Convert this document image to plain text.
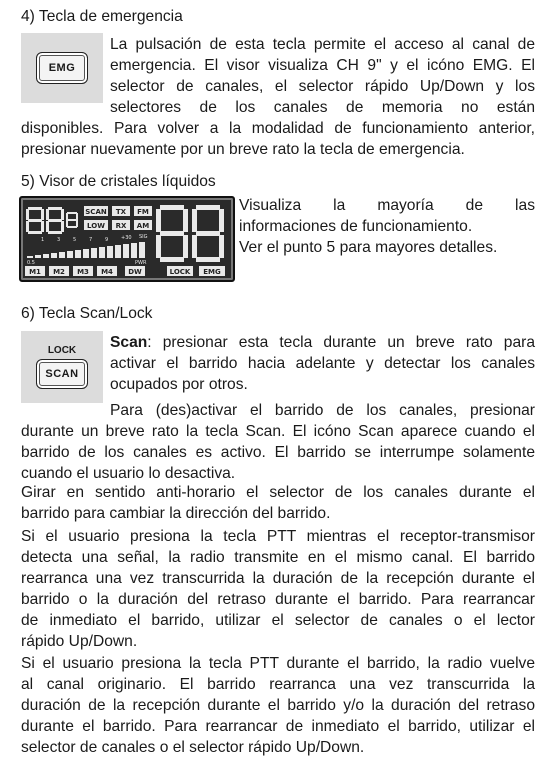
4) Tecla de emergencia
EMG
La pulsación de esta tecla permite el acceso al canal de
emergencia. El visor visualiza CH 9" y el icóno EMG. El
selector de canales, el selector rápido Up/Down y los
selectores de los canales de memoria no están
disponibles. Para volver a la modalidad de funcionamiento anterior,
presionar nuevamente por un breve rato la tecla de emergencia.
5) Visor de cristales líquidos
SCAN TX FM
LOW RX AM
0.5
1	3	5	7	9	+30 SIG
PWR
M1 M2 M3 M4 DW	LOCK EMG
Visualiza la mayoría de las
informaciones de funcionamiento.
Ver el punto 5 para mayores detalles.
6) Tecla Scan/Lock
LOCK
SCAN
Scan: presionar esta tecla durante un breve rato para
activar el barrido hacia adelante y detectar los canales
ocupados por otros.
Para (des)activar el barrido de los canales, presionar
durante un breve rato la tecla Scan. El icóno Scan aparece cuando el
barrido de los canales es activo. El barrido se interrumpe solamente
cuando el usuario lo desactiva.
Girar en sentido anti-horario el selector de los canales durante el
barrido para cambiar la dirección del barrido.
Si el usuario presiona la tecla PTT mientras el receptor-transmisor
detecta una señal, la radio transmite en el mismo canal. El barrido
rearranca una vez transcurrida la duración de la recepción durante el
barrido o la duración del retraso durante el barrido. Para rearrancar
de inmediato el barrido, utilizar el selector de canales o el lector
rápido Up/Down.
Si el usuario presiona la tecla PTT durante el barrido, la radio vuelve
al canal originario. El barrido rearranca una vez transcurrida la
duración de la recepción durante el barrido y/o la duración del retraso
durante el barrido. Para rearrancar de inmediato el barrido, utilizar el
selector de canales o el selector rápido Up/Down.
